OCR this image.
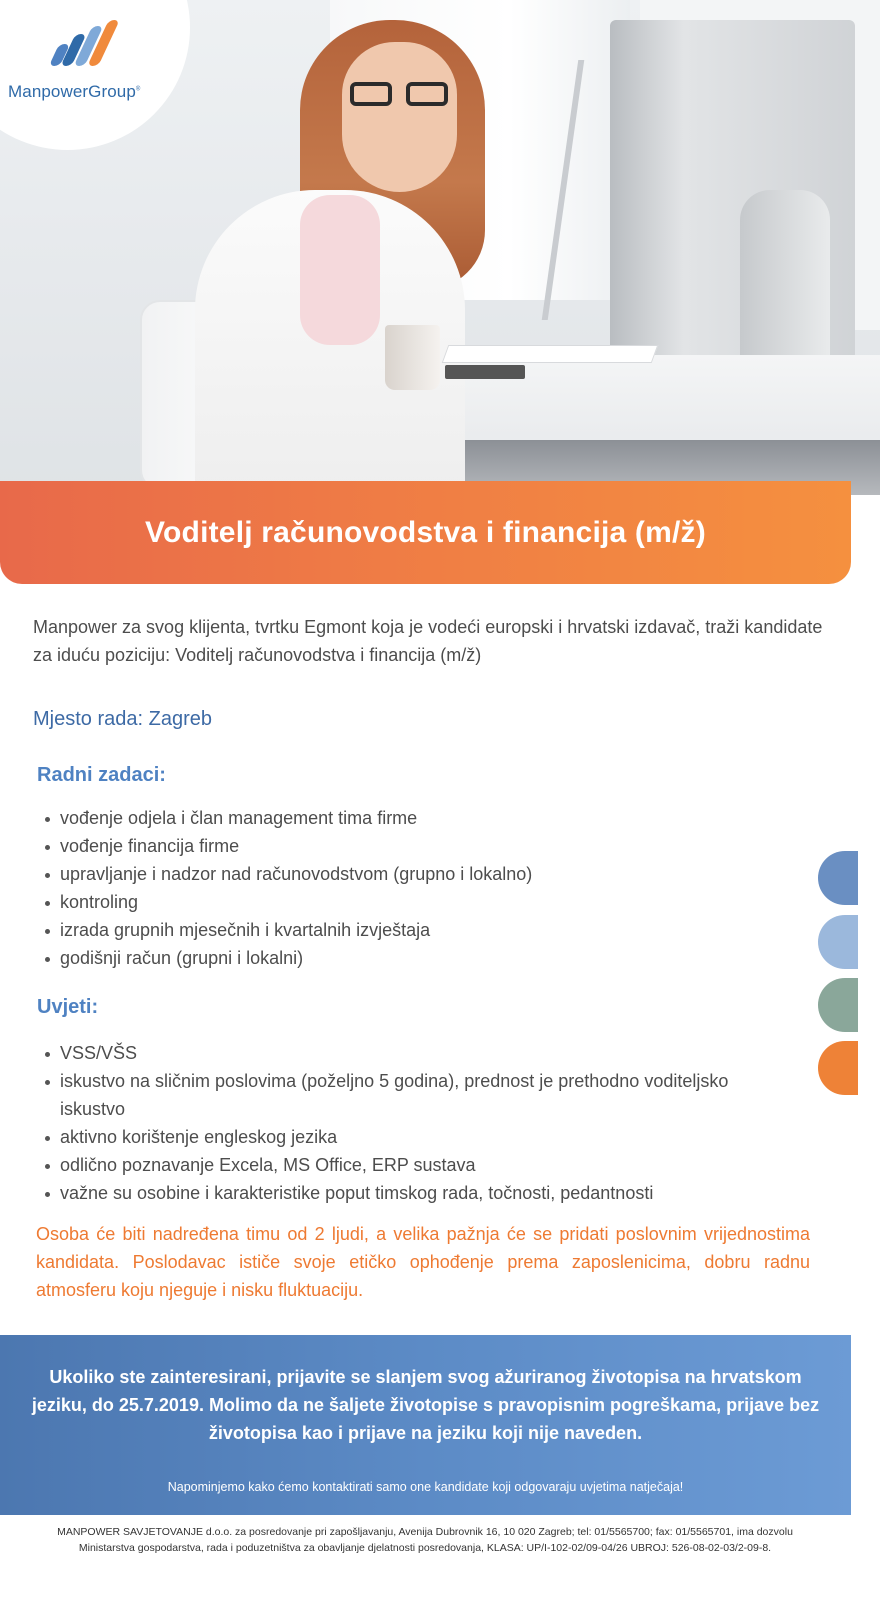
ManpowerGroup®
Voditelj računovodstva i financija (m/ž)

Manpower za svog klijenta, tvrtku Egmont koja je vodeći europski i hrvatski izdavač, traži kandidate za iduću poziciju: Voditelj računovodstva i financija (m/ž)

Mjesto rada: Zagreb
Radni zadaci:
vođenje odjela i član management tima firme
vođenje financija firme
upravljanje i nadzor nad računovodstvom (grupno i lokalno)
kontroling
izrada grupnih mjesečnih i kvartalnih izvještaja
godišnji račun (grupni i lokalni)
Uvjeti:
VSS/VŠS
iskustvo na sličnim poslovima (poželjno 5 godina), prednost je prethodno voditeljsko iskustvo
aktivno korištenje engleskog jezika
odlično poznavanje Excela, MS Office, ERP sustava
važne su osobine i karakteristike poput timskog rada, točnosti, pedantnosti

Osoba će biti nadređena timu od 2 ljudi, a velika pažnja će se pridati poslovnim vrijednostima kandidata. Poslodavac ističe svoje etičko ophođenje prema zaposlenicima, dobru radnu atmosferu koju njeguje i nisku fluktuaciju.

Ukoliko ste zainteresirani, prijavite se slanjem svog ažuriranog životopisa na hrvatskom jeziku, do 25.7.2019. Molimo da ne šaljete životopise s pravopisnim pogreškama, prijave bez životopisa kao i prijave na jeziku koji nije naveden.
Napominjemo kako ćemo kontaktirati samo one kandidate koji odgovaraju uvjetima natječaja!
MANPOWER SAVJETOVANJE d.o.o. za posredovanje pri zapošljavanju, Avenija Dubrovnik 16, 10 020 Zagreb; tel: 01/5565700; fax: 01/5565701, ima dozvolu
Ministarstva gospodarstva, rada i poduzetništva za obavljanje djelatnosti posredovanja, KLASA: UP/I-102-02/09-04/26 UBROJ: 526-08-02-03/2-09-8.
